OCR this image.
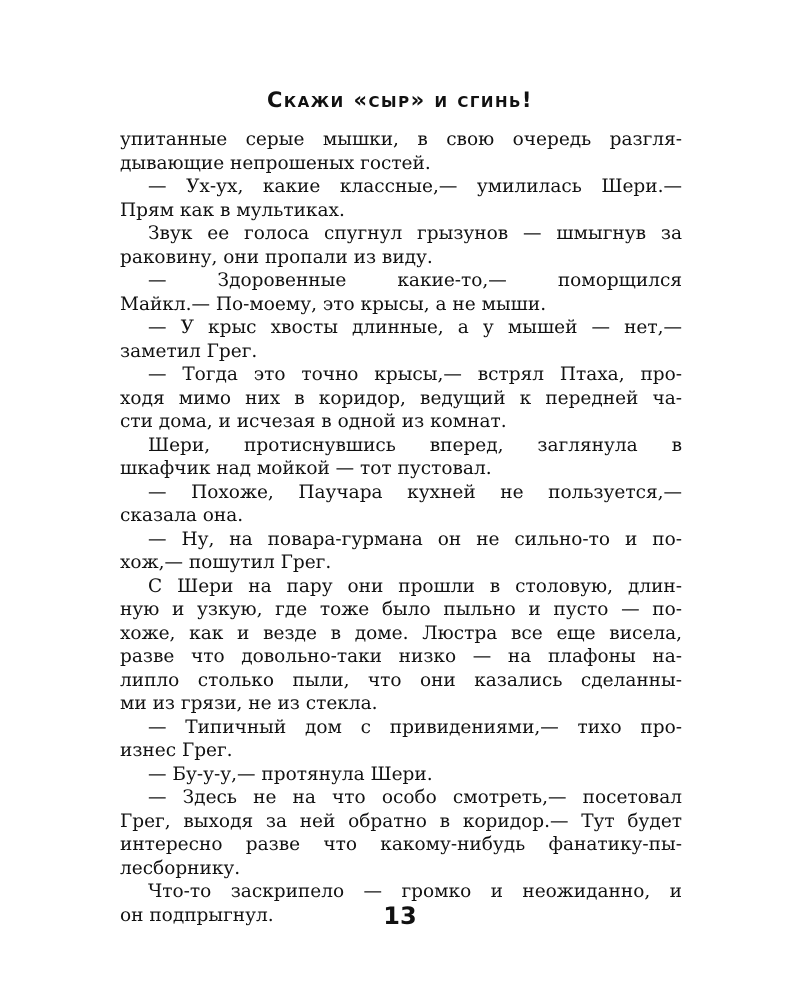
Скажи «сыр» и сгинь!
упитанные серые мышки, в свою очередь разгля-
дывающие непрошеных гостей.
— Ух-ух, какие классные,— умилилась Шери.—
Прям как в мультиках.
Звук ее голоса спугнул грызунов — шмыгнув за
раковину, они пропали из виду.
— Здоровенные какие-то,— поморщился
Майкл.— По-моему, это крысы, а не мыши.
— У крыс хвосты длинные, а у мышей — нет,—
заметил Грег.
— Тогда это точно крысы,— встрял Птаха, про-
ходя мимо них в коридор, ведущий к передней ча-
сти дома, и исчезая в одной из комнат.
Шери, протиснувшись вперед, заглянула в
шкафчик над мойкой — тот пустовал.
— Похоже, Паучара кухней не пользуется,—
сказала она.
— Ну, на повара-гурмана он не сильно-то и по-
хож,— пошутил Грег.
С Шери на пару они прошли в столовую, длин-
ную и узкую, где тоже было пыльно и пусто — по-
хоже, как и везде в доме. Люстра все еще висела,
разве что довольно-таки низко — на плафоны на-
липло столько пыли, что они казались сделанны-
ми из грязи, не из стекла.
— Типичный дом с привидениями,— тихо про-
изнес Грег.
— Бу-у-у,— протянула Шери.
— Здесь не на что особо смотреть,— посетовал
Грег, выходя за ней обратно в коридор.— Тут будет
интересно разве что какому-нибудь фанатику-пы-
лесборнику.
Что-то заскрипело — громко и неожиданно, и
он подпрыгнул.	13
